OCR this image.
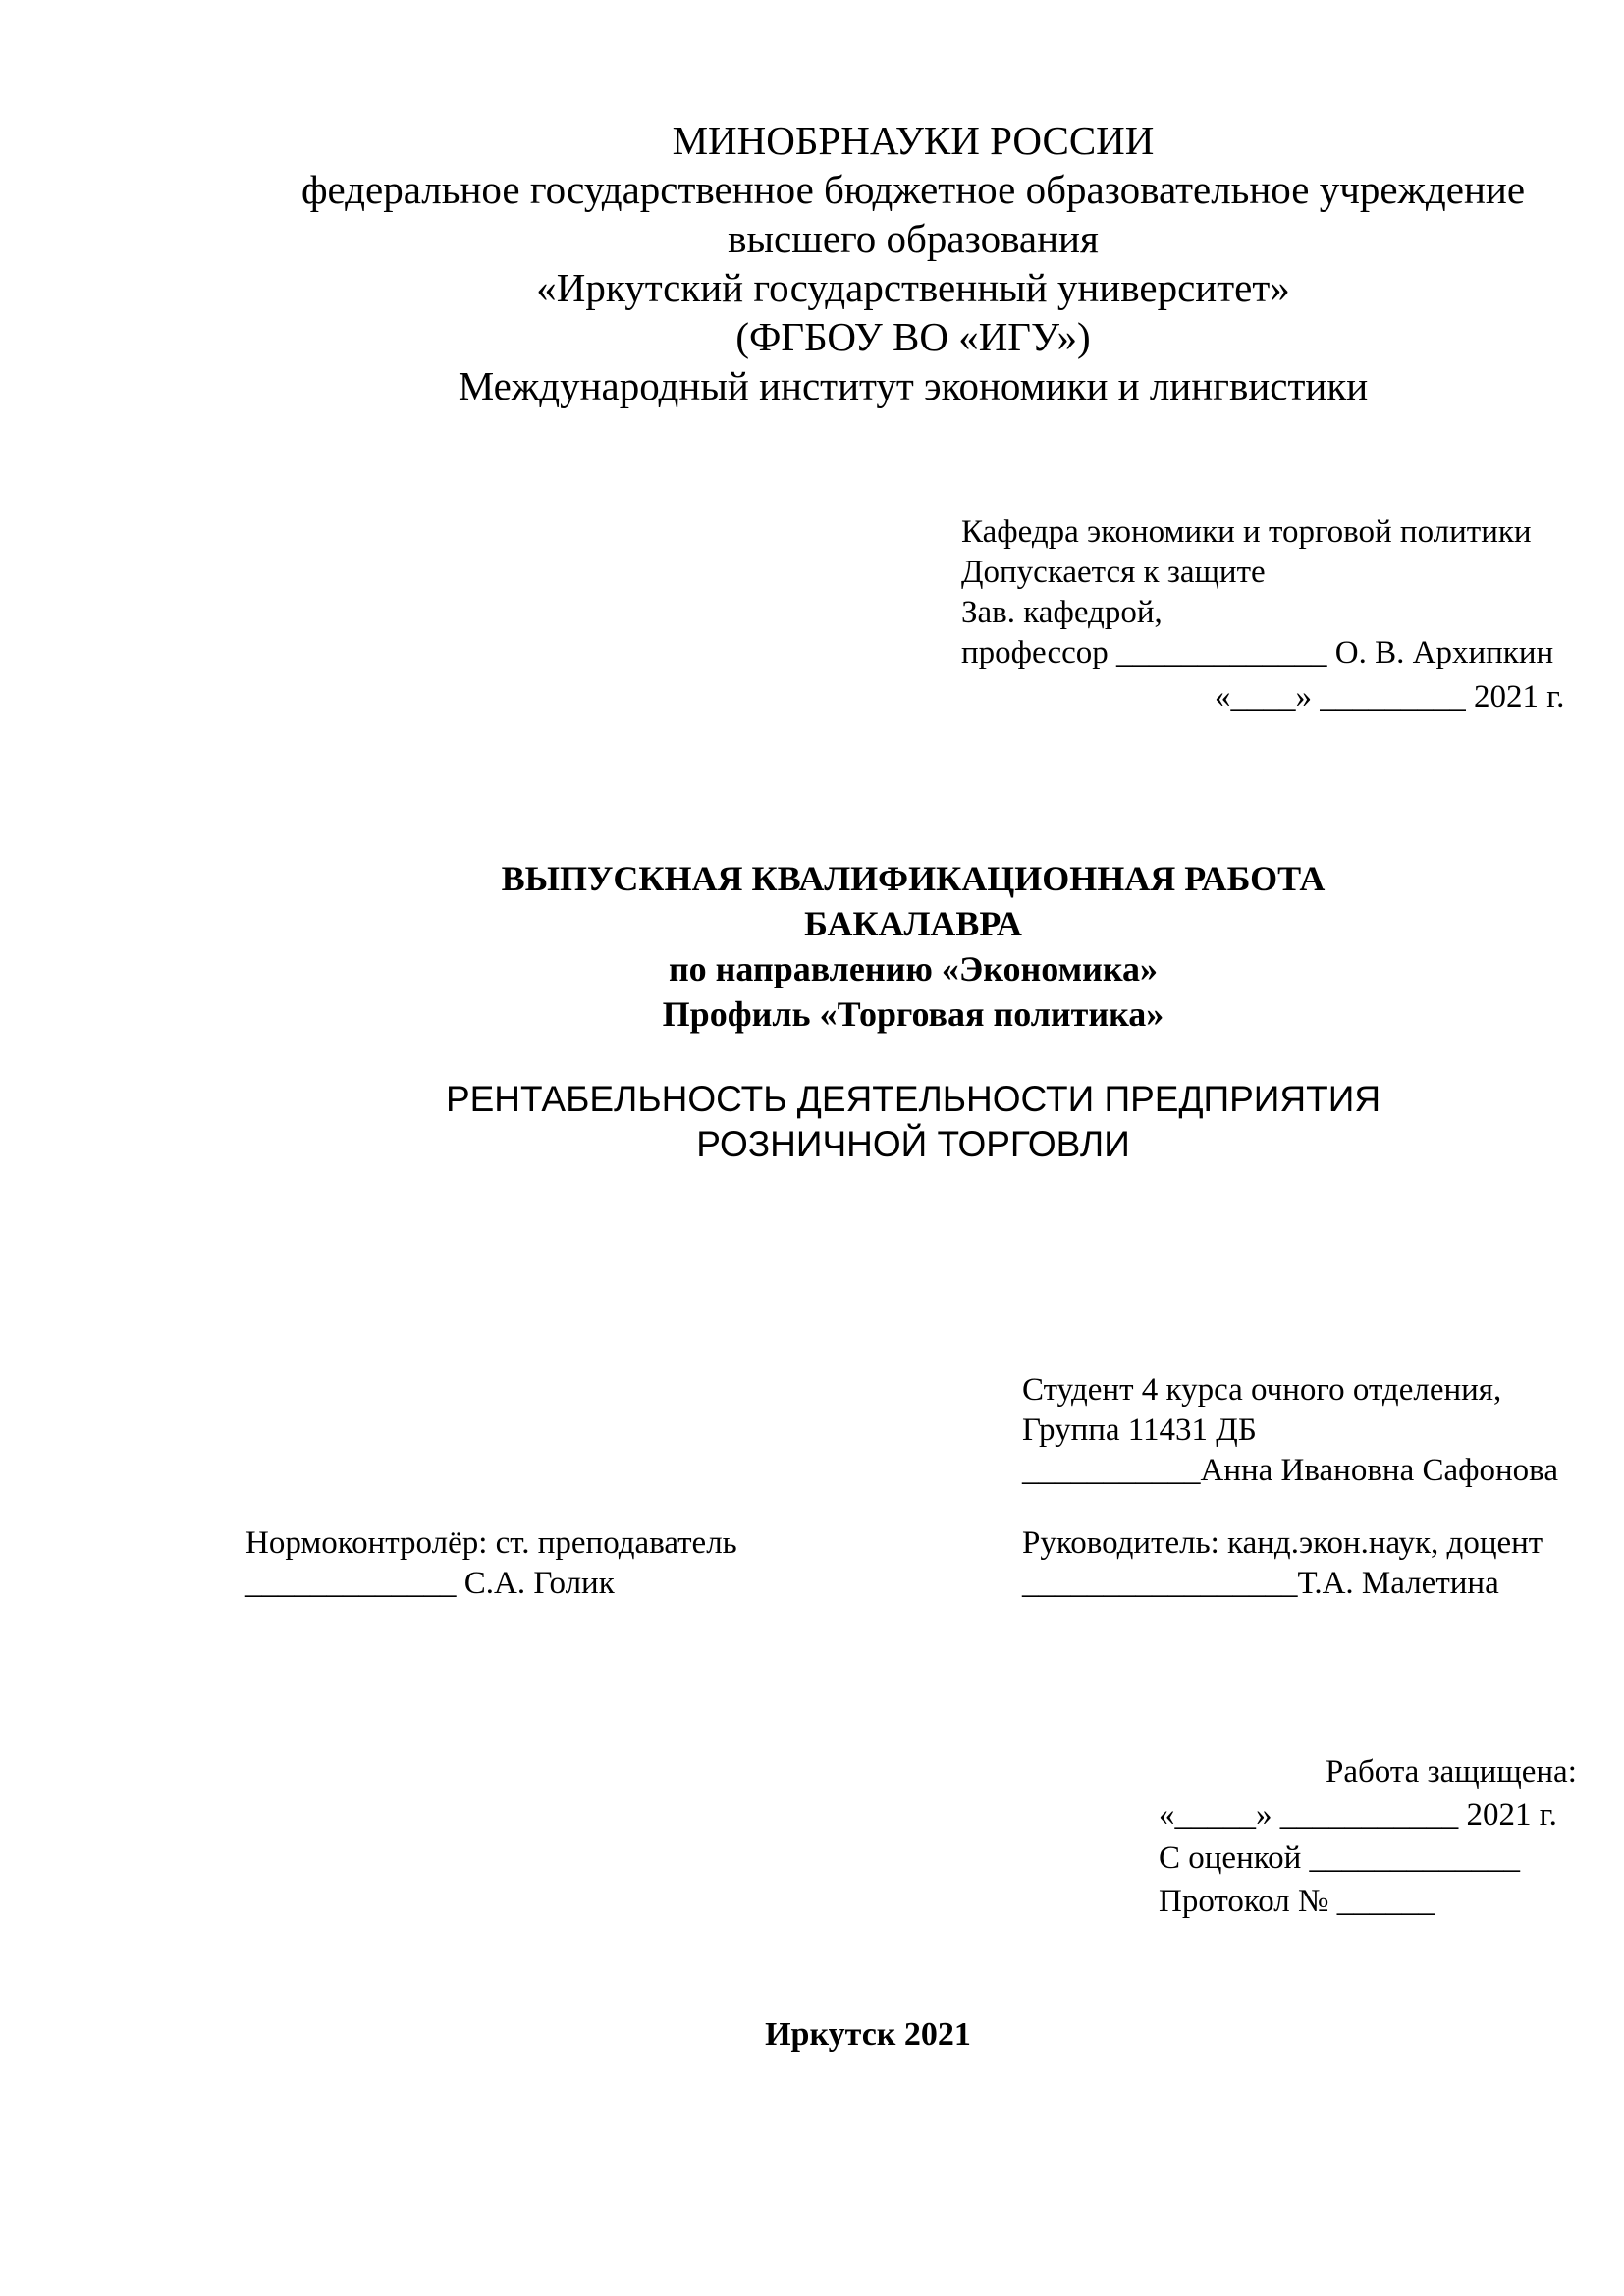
МИНОБРНАУКИ РОССИИ
федеральное государственное бюджетное образовательное учреждение
высшего образования
«Иркутский государственный университет»
(ФГБОУ ВО «ИГУ»)
Международный институт экономики и лингвистики
Кафедра экономики и торговой политики
Допускается к защите
Зав. кафедрой,
профессор _____________ О. В. Архипкин
«____» _________ 2021 г.
ВЫПУСКНАЯ КВАЛИФИКАЦИОННАЯ РАБОТА
БАКАЛАВРА
по направлению «Экономика»
Профиль «Торговая политика»
РЕНТАБЕЛЬНОСТЬ ДЕЯТЕЛЬНОСТИ ПРЕДПРИЯТИЯ
РОЗНИЧНОЙ ТОРГОВЛИ
Студент 4 курса очного отделения,
Группа 11431 ДБ
___________Анна Ивановна Сафонова
Нормоконтролёр: ст. преподаватель
_____________ С.А. Голик
Руководитель: канд.экон.наук, доцент
_________________Т.А. Малетина
Работа защищена:
«_____» ___________ 2021 г.
С оценкой _____________
Протокол № ______
Иркутск 2021
